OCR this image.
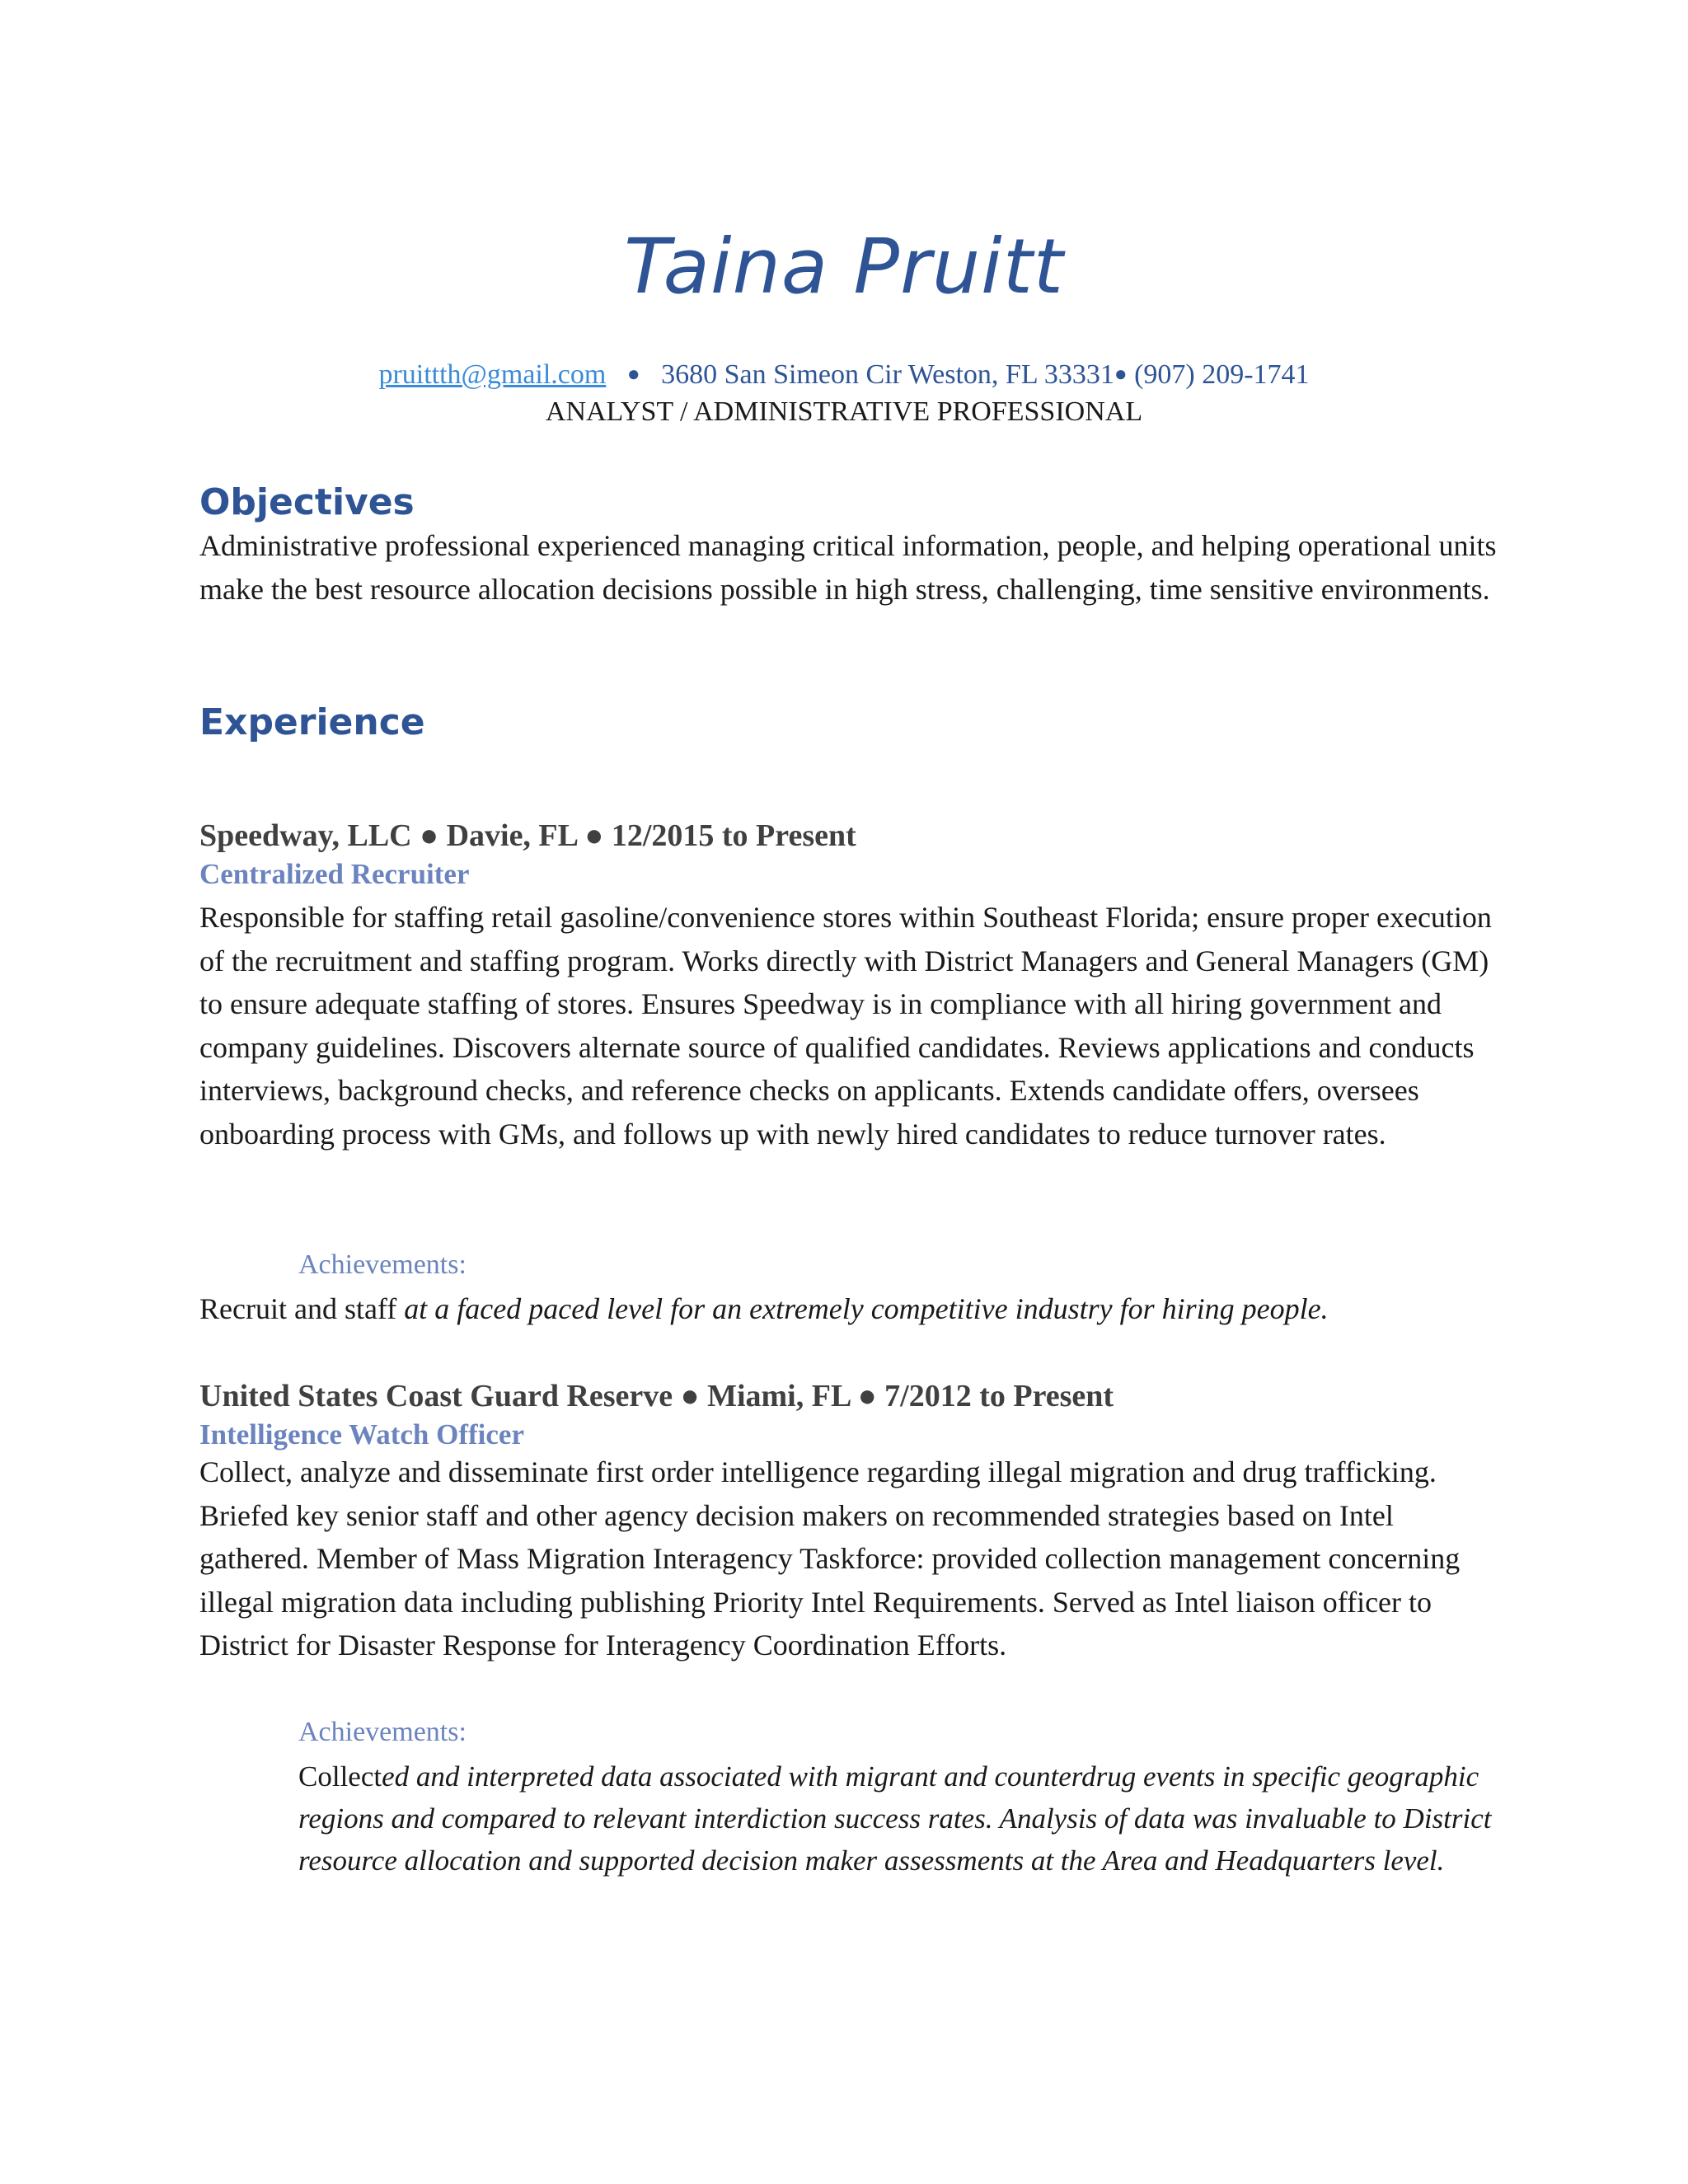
Taina Pruitt
pruittth@gmail.com ● 3680 San Simeon Cir Weston, FL 33331● (907) 209-1741
ANALYST / ADMINISTRATIVE PROFESSIONAL
Objectives
Administrative professional experienced managing critical information, people, and helping operational units make the best resource allocation decisions possible in high stress, challenging, time sensitive environments.
Experience
Speedway, LLC ● Davie, FL ● 12/2015 to Present
Centralized Recruiter
Responsible for staffing retail gasoline/convenience stores within Southeast Florida; ensure proper execution of the recruitment and staffing program. Works directly with District Managers and General Managers (GM) to ensure adequate staffing of stores. Ensures Speedway is in compliance with all hiring government and company guidelines. Discovers alternate source of qualified candidates. Reviews applications and conducts interviews, background checks, and reference checks on applicants. Extends candidate offers, oversees onboarding process with GMs, and follows up with newly hired candidates to reduce turnover rates.
Achievements:
Recruit and staff at a faced paced level for an extremely competitive industry for hiring people.
United States Coast Guard Reserve ● Miami, FL ● 7/2012 to Present
Intelligence Watch Officer
Collect, analyze and disseminate first order intelligence regarding illegal migration and drug trafficking. Briefed key senior staff and other agency decision makers on recommended strategies based on Intel gathered. Member of Mass Migration Interagency Taskforce: provided collection management concerning illegal migration data including publishing Priority Intel Requirements. Served as Intel liaison officer to District for Disaster Response for Interagency Coordination Efforts.
Achievements:
Collected and interpreted data associated with migrant and counterdrug events in specific geographic regions and compared to relevant interdiction success rates. Analysis of data was invaluable to District resource allocation and supported decision maker assessments at the Area and Headquarters level.
